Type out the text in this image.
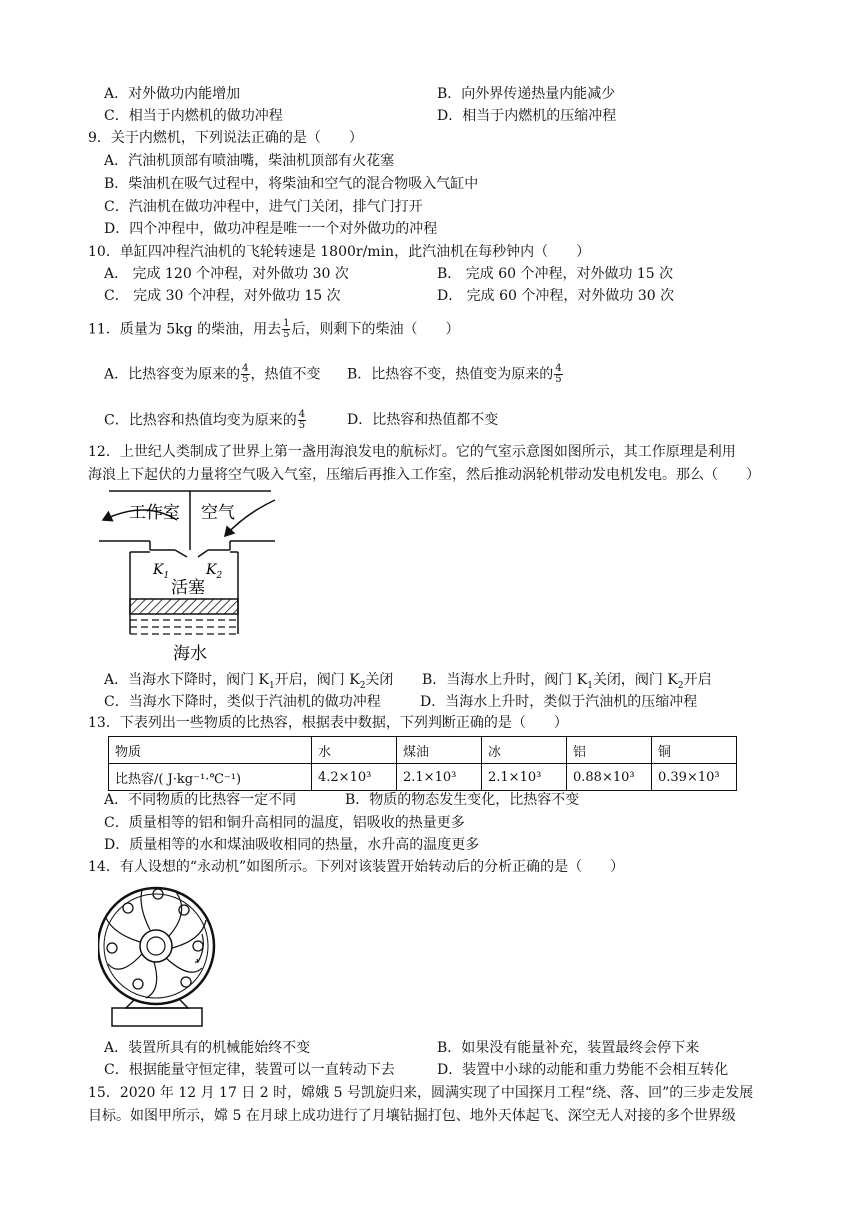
A．对外做功内能增加	B．向外界传递热量内能减少
C．相当于内燃机的做功冲程	D．相当于内燃机的压缩冲程
9．关于内燃机，下列说法正确的是（　　）
A．汽油机顶部有喷油嘴，柴油机顶部有火花塞
B．柴油机在吸气过程中，将柴油和空气的混合物吸入气缸中
C．汽油机在做功冲程中，进气门关闭，排气门打开
D．四个冲程中，做功冲程是唯一一个对外做功的冲程
10．单缸四冲程汽油机的飞轮转速是 1800r/min，此汽油机在每秒钟内（　　）
A． 完成 120 个冲程，对外做功 30 次	B． 完成 60 个冲程，对外做功 15 次
C． 完成 30 个冲程，对外做功 15 次	D． 完成 60 个冲程，对外做功 30 次
11．质量为 5kg 的柴油，用去 $\frac{1}{5}$ 后，则剩下的柴油（　　）
A．比热容变为原来的 $\frac{4}{5}$ ，热值不变 B．比热容不变，热值变为原来的 $\frac{4}{5}$
C．比热容和热值均变为原来的 $\frac{4}{5}$	D．比热容和热值都不变
12．上世纪人类制成了世界上第一盏用海浪发电的航标灯。它的气室示意图如图所示，其工作原理是利用
海浪上下起伏的力量将空气吸入气室，压缩后再推入工作室，然后推动涡轮机带动发电机发电。那么（　　）
工作室 空气
$K_1$	$K_2$
活塞
海水
A．当海水下降时，阀门 $K_1$开启，阀门 $K_2$关闭 B．当海水上升时，阀门 $K_1$关闭，阀门 $K_2$开启
C．当海水下降时，类似于汽油机的做功冲程	D．当海水上升时，类似于汽油机的压缩冲程
13．下表列出一些物质的比热容，根据表中数据，下列判断正确的是（　　）
物质	水	煤油	冰	铝	铜
比热容/( J·kg⁻¹·℃⁻¹)	4.2×10³	2.1×10³	2.1×10³	0.88×10³	0.39×10³
A．不同物质的比热容一定不同	B．物质的物态发生变化，比热容不变
C．质量相等的铝和铜升高相同的温度，铝吸收的热量更多
D．质量相等的水和煤油吸收相同的热量，水升高的温度更多
14．有人设想的“永动机”如图所示。下列对该装置开始转动后的分析正确的是（　　）
A．装置所具有的机械能始终不变	B．如果没有能量补充，装置最终会停下来
C．根据能量守恒定律，装置可以一直转动下去	D．装置中小球的动能和重力势能不会相互转化
15．2020 年 12 月 17 日 2 时，嫦娥 5 号凯旋归来，圆满实现了中国探月工程“绕、落、回”的三步走发展
目标。如图甲所示，嫦 5 在月球上成功进行了月壤钻掘打包、地外天体起飞、深空无人对接的多个世界级
